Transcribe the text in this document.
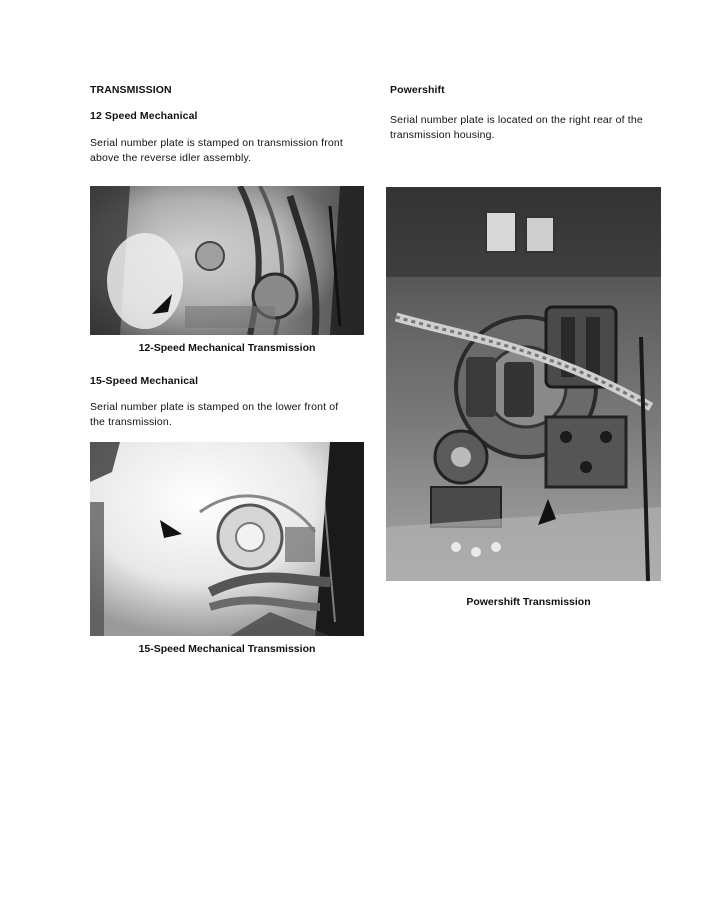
TRANSMISSION
12 Speed Mechanical
Serial number plate is stamped on transmission front
above the reverse idler assembly.
12-Speed Mechanical Transmission
15-Speed Mechanical
Serial number plate is stamped on the lower front of
the transmission.
15-Speed Mechanical Transmission
Powershift
Serial number plate is located on the right rear of the
transmission housing.
Powershift Transmission
